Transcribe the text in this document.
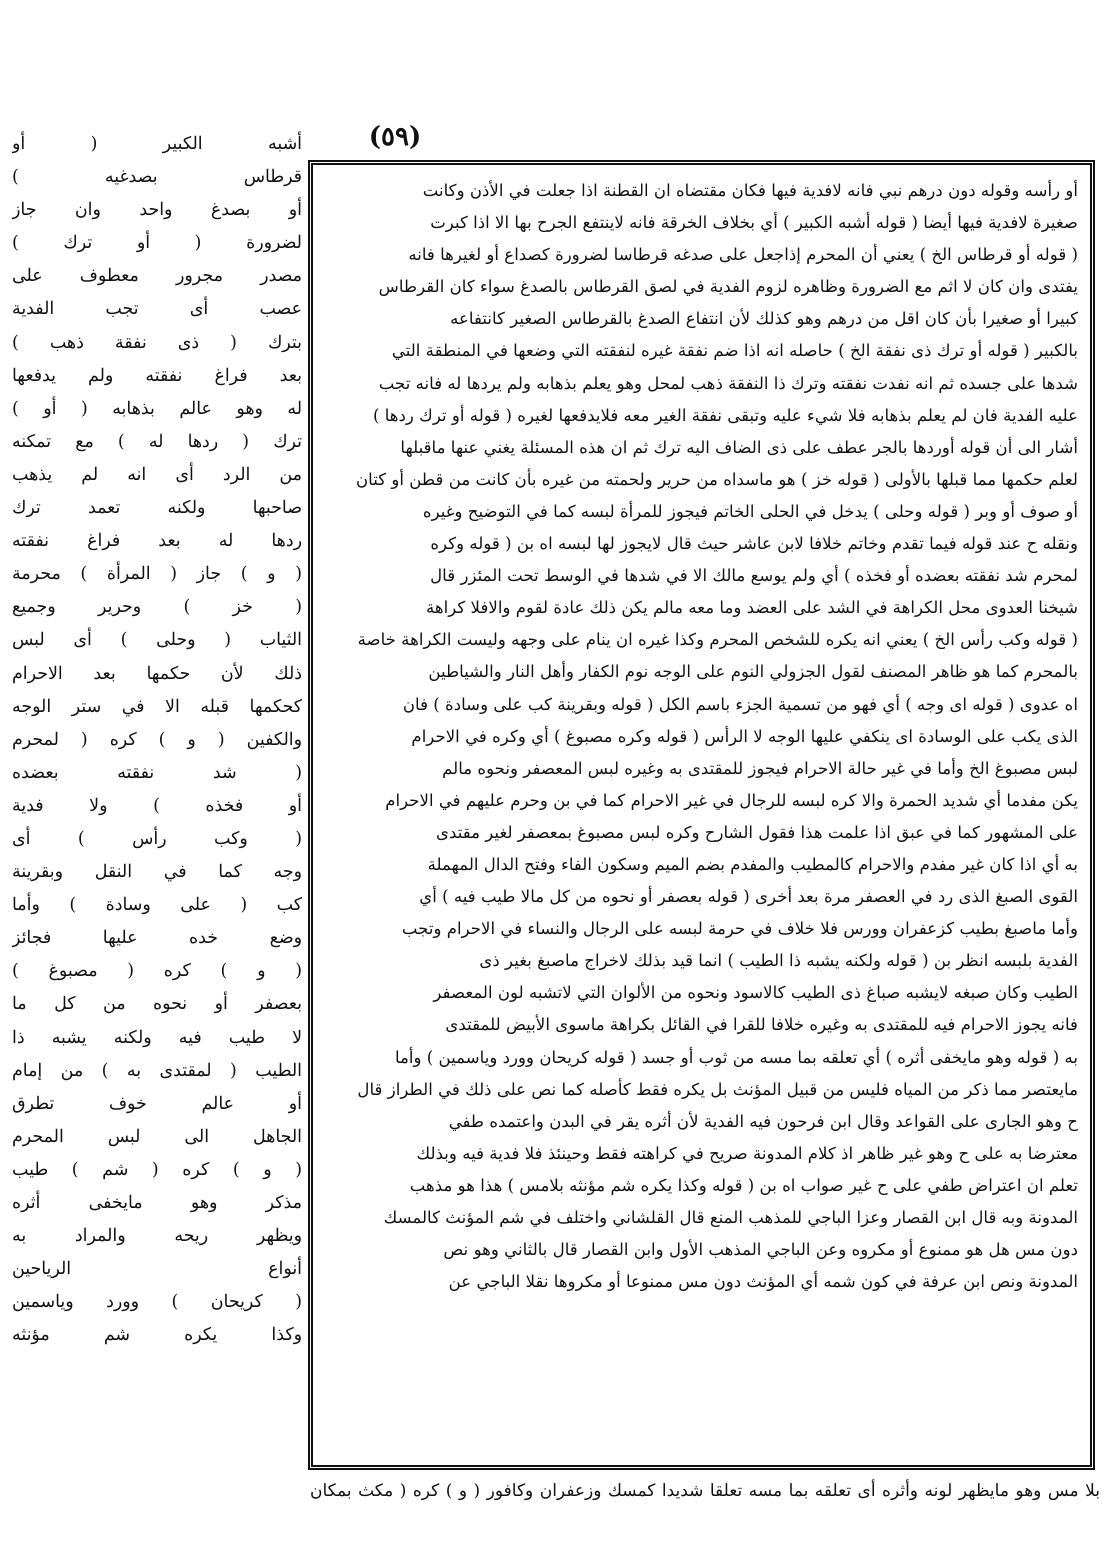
(٥٩)
أشبه الكبير ( أو
قرطاس بصدغيه )
أو بصدغ واحد وان جاز
لضرورة ( أو ترك )
مصدر مجرور معطوف على
عصب أى تجب الفدية
بترك ( ذى نفقة ذهب )
بعد فراغ نفقته ولم يدفعها
له وهو عالم بذهابه ( أو )
ترك ( ردها له ) مع تمكنه
من الرد أى انه لم يذهب
صاحبها ولكنه تعمد ترك
ردها له بعد فراغ نفقته
( و ) جاز ( المرأة ) محرمة
( خز ) وحرير وجميع
الثياب ( وحلى ) أى لبس
ذلك لأن حكمها بعد الاحرام
كحكمها قبله الا في ستر الوجه
والكفين ( و ) كره ( لمحرم
( شد نفقته بعضده
أو فخذه ) ولا فدية
( وكب رأس ) أى
وجه كما في النقل وبقرينة
كب ( على وسادة ) وأما
وضع خده عليها فجائز
( و ) كره ( مصبوغ )
بعصفر أو نحوه من كل ما
لا طيب فيه ولكنه يشبه ذا
الطيب ( لمقتدى به ) من إمام
أو عالم خوف تطرق
الجاهل الى لبس المحرم
( و ) كره ( شم ) طيب
مذكر وهو مايخفى أثره
ويظهر ريحه والمراد به
أنواع الرياحين
( كريحان ) وورد وياسمين
وكذا يكره شم مؤنثه
أو رأسه وقوله دون درهم نبي فانه لافدية فيها فكان مقتضاه ان القطنة اذا جعلت في الأذن وكانت
صغيرة لافدية فيها أيضا ( قوله أشبه الكبير ) أي بخلاف الخرقة فانه لاينتفع الجرح بها الا اذا كبرت
( قوله أو قرطاس الخ ) يعني أن المحرم إذاجعل على صدغه قرطاسا لضرورة كصداع أو لغيرها فانه
يفتدى وان كان لا اثم مع الضرورة وظاهره لزوم الفدية في لصق القرطاس بالصدغ سواء كان القرطاس
كبيرا أو صغيرا بأن كان اقل من درهم وهو كذلك لأن انتفاع الصدغ بالقرطاس الصغير كانتفاعه
بالكبير ( قوله أو ترك ذى نفقة الخ ) حاصله انه اذا ضم نفقة غيره لنفقته التي وضعها في المنطقة التي
شدها على جسده ثم انه نفدت نفقته وترك ذا النفقة ذهب لمحل وهو يعلم بذهابه ولم يردها له فانه تجب
عليه الفدية فان لم يعلم بذهابه فلا شيء عليه وتبقى نفقة الغير معه فلايدفعها لغيره ( قوله أو ترك ردها )
أشار الى أن قوله أوردها بالجر عطف على ذى الضاف اليه ترك ثم ان هذه المسئلة يغني عنها ماقبلها
لعلم حكمها مما قبلها بالأولى ( قوله خز ) هو ماسداه من حرير ولحمته من غيره بأن كانت من قطن أو كتان
أو صوف أو وبر ( قوله وحلى ) يدخل في الحلى الخاتم فيجوز للمرأة لبسه كما في التوضيح وغيره
ونقله ح عند قوله فيما تقدم وخاتم خلافا لابن عاشر حيث قال لايجوز لها لبسه اه بن ( قوله وكره
لمحرم شد نفقته بعضده أو فخذه ) أي ولم يوسع مالك الا في شدها في الوسط تحت المئزر قال
شيخنا العدوى محل الكراهة في الشد على العضد وما معه مالم يكن ذلك عادة لقوم والافلا كراهة
( قوله وكب رأس الخ ) يعني انه يكره للشخص المحرم وكذا غيره ان ينام على وجهه وليست الكراهة خاصة
بالمحرم كما هو ظاهر المصنف لقول الجزولي النوم على الوجه نوم الكفار وأهل النار والشياطين
اه عدوى ( قوله اى وجه ) أي فهو من تسمية الجزء باسم الكل ( قوله وبقرينة كب على وسادة ) فان
الذى يكب على الوسادة اى ينكفي عليها الوجه لا الرأس ( قوله وكره مصبوغ ) أي وكره في الاحرام
لبس مصبوغ الخ وأما في غير حالة الاحرام فيجوز للمقتدى به وغيره لبس المعصفر ونحوه مالم
يكن مفدما أي شديد الحمرة والا كره لبسه للرجال في غير الاحرام كما في بن وحرم عليهم في الاحرام
على المشهور كما في عبق اذا علمت هذا فقول الشارح وكره لبس مصبوغ بمعصفر لغير مقتدى
به أي اذا كان غير مفدم والاحرام كالمطيب والمفدم بضم الميم وسكون الفاء وفتح الدال المهملة
القوى الصبغ الذى رد في العصفر مرة بعد أخرى ( قوله بعصفر أو نحوه من كل مالا طيب فيه ) أي
وأما ماصبغ بطيب كزعفران وورس فلا خلاف في حرمة لبسه على الرجال والنساء في الاحرام وتجب
الفدية بلبسه انظر بن ( قوله ولكنه يشبه ذا الطيب ) انما قيد بذلك لاخراج ماصبغ بغير ذى
الطيب وكان صبغه لايشبه صباغ ذى الطيب كالاسود ونحوه من الألوان التي لاتشبه لون المعصفر
فانه يجوز الاحرام فيه للمقتدى به وغيره خلافا للقرا في القائل بكراهة ماسوى الأبيض للمقتدى
به ( قوله وهو مايخفى أثره ) أي تعلقه بما مسه من ثوب أو جسد ( قوله كريحان وورد وياسمين ) وأما
مايعتصر مما ذكر من المياه فليس من قبيل المؤنث بل يكره فقط كأصله كما نص على ذلك في الطراز قال
ح وهو الجارى على القواعد وقال ابن فرحون فيه الفدية لأن أثره يقر في البدن واعتمده طفي
معترضا به على ح وهو غير ظاهر اذ كلام المدونة صريح في كراهته فقط وحينئذ فلا فدية فيه وبذلك
تعلم ان اعتراض طفي على ح غير صواب اه بن ( قوله وكذا يكره شم مؤنثه بلامس ) هذا هو مذهب
المدونة وبه قال ابن القصار وعزا الباجي للمذهب المنع قال القلشاني واختلف في شم المؤنث كالمسك
دون مس هل هو ممنوع أو مكروه وعن الباجي المذهب الأول وابن القصار قال بالثاني وهو نص
المدونة ونص ابن عرفة في كون شمه أي المؤنث دون مس ممنوعا أو مكروها نقلا الباجي عن
بلا مس وهو مايظهر لونه وأثره أى تعلقه بما مسه تعلقا شديدا كمسك وزعفران وكافور ( و ) كره ( مكث بمكان
